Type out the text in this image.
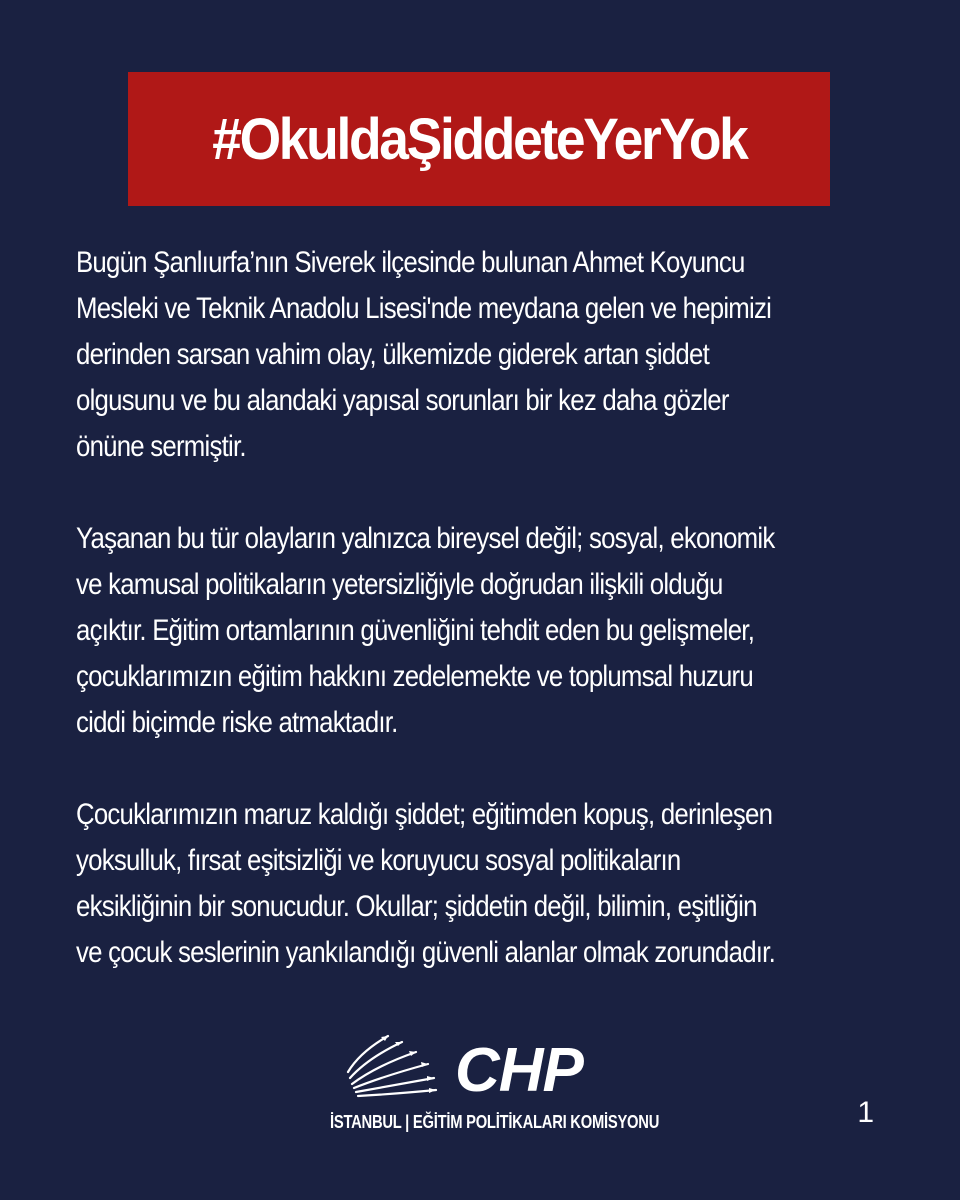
#OkuldaŞiddeteYerYok
Bugün Şanlıurfa’nın Siverek ilçesinde bulunan Ahmet Koyuncu
Mesleki ve Teknik Anadolu Lisesi'nde meydana gelen ve hepimizi
derinden sarsan vahim olay, ülkemizde giderek artan şiddet
olgusunu ve bu alandaki yapısal sorunları bir kez daha gözler
önüne sermiştir.
Yaşanan bu tür olayların yalnızca bireysel değil; sosyal, ekonomik
ve kamusal politikaların yetersizliğiyle doğrudan ilişkili olduğu
açıktır. Eğitim ortamlarının güvenliğini tehdit eden bu gelişmeler,
çocuklarımızın eğitim hakkını zedelemekte ve toplumsal huzuru
ciddi biçimde riske atmaktadır.
Çocuklarımızın maruz kaldığı şiddet; eğitimden kopuş, derinleşen
yoksulluk, fırsat eşitsizliği ve koruyucu sosyal politikaların
eksikliğinin bir sonucudur. Okullar; şiddetin değil, bilimin, eşitliğin
ve çocuk seslerinin yankılandığı güvenli alanlar olmak zorundadır.
CHP
İSTANBUL | EĞİTİM POLİTİKALARI KOMİSYONU	1
